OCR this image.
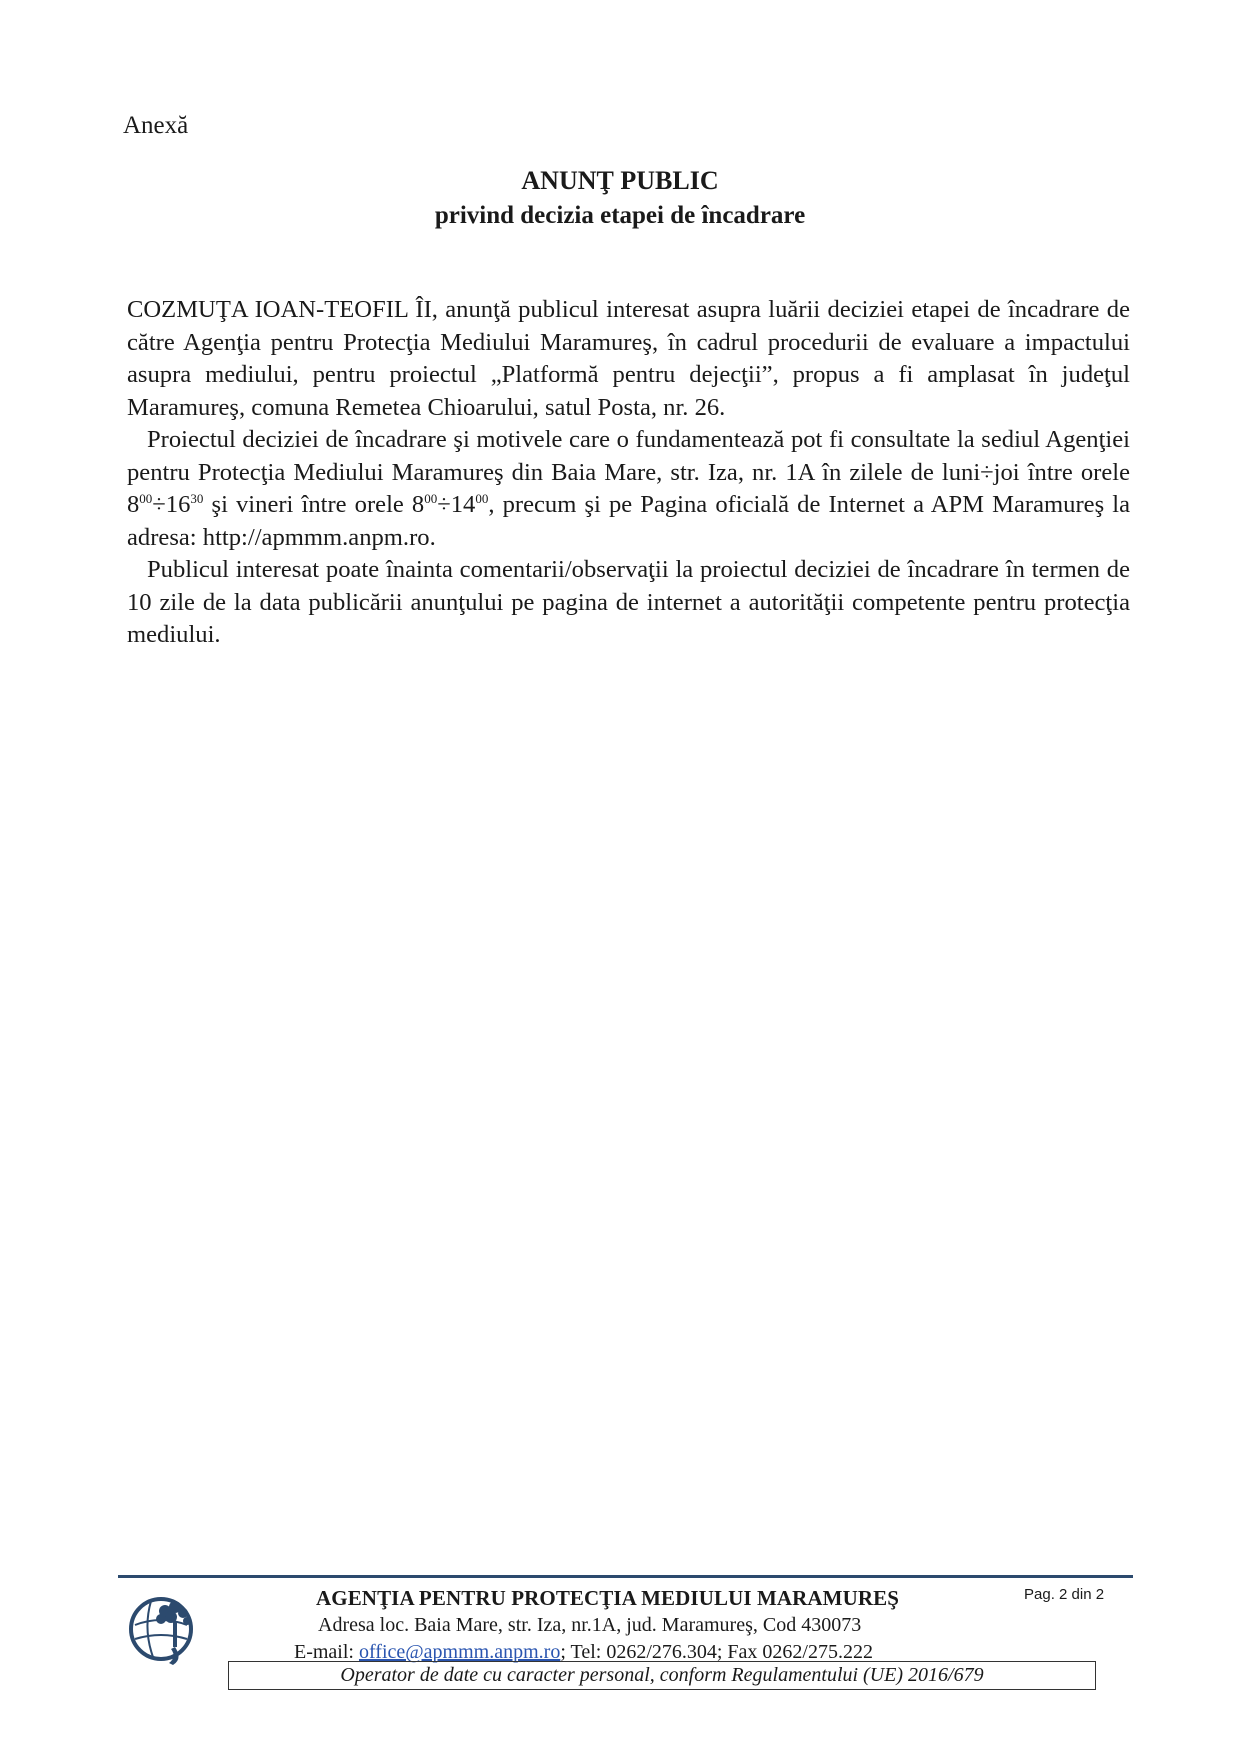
Anexă
ANUNŢ PUBLIC
privind decizia etapei de încadrare

COZMUŢA IOAN-TEOFIL ÎI, anunţă publicul interesat asupra luării deciziei etapei de încadrare de către Agenţia pentru Protecţia Mediului Maramureş, în cadrul procedurii de evaluare a impactului asupra mediului, pentru proiectul „Platformă pentru dejecţii”, propus a fi amplasat în judeţul Maramureş, comuna Remetea Chioarului, satul Posta, nr. 26.

Proiectul deciziei de încadrare şi motivele care o fundamentează pot fi consultate la sediul Agenţiei pentru Protecţia Mediului Maramureş din Baia Mare, str. Iza, nr. 1A în zilele de luni÷joi între orele $8^{00}\div 16^{30}$ şi vineri între orele $8^{00}\div 14^{00}$, precum şi pe Pagina oficială de Internet a APM Maramureş la adresa: http://apmmm.anpm.ro.

Publicul interesat poate înainta comentarii/observaţii la proiectul deciziei de încadrare în termen de 10 zile de la data publicării anunţului pe pagina de internet a autorităţii competente pentru protecţia mediului.

AGENŢIA PENTRU PROTECŢIA MEDIULUI MARAMUREŞ	Pag. 2 din 2
Adresa loc. Baia Mare, str. Iza, nr.1A, jud. Maramureş, Cod 430073
E-mail: office@apmmm.anpm.ro; Tel: 0262/276.304; Fax 0262/275.222
Operator de date cu caracter personal, conform Regulamentului (UE) 2016/679
